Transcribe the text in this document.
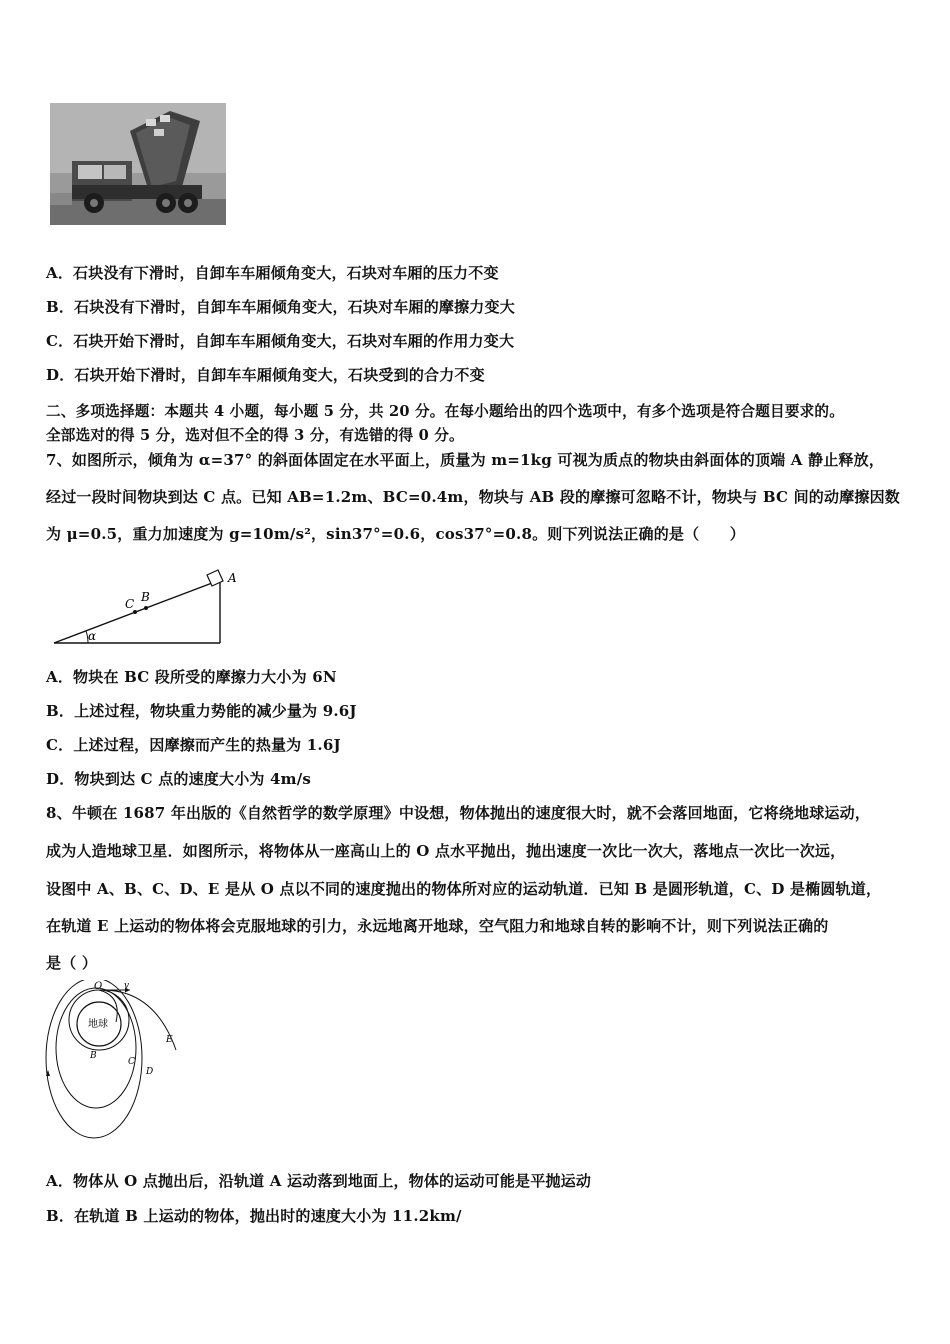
A．石块没有下滑时，自卸车车厢倾角变大，石块对车厢的压力不变
B．石块没有下滑时，自卸车车厢倾角变大，石块对车厢的摩擦力变大
C．石块开始下滑时，自卸车车厢倾角变大，石块对车厢的作用力变大
D．石块开始下滑时，自卸车车厢倾角变大，石块受到的合力不变
二、多项选择题：本题共 4 小题，每小题 5 分，共 20 分。在每小题给出的四个选项中，有多个选项是符合题目要求的。
全部选对的得 5 分，选对但不全的得 3 分，有选错的得 0 分。
7、如图所示，倾角为 α=37° 的斜面体固定在水平面上，质量为 m=1kg 可视为质点的物块由斜面体的顶端 A 静止释放，
经过一段时间物块到达 C 点。已知 AB=1.2m、BC=0.4m，物块与 AB 段的摩擦可忽略不计，物块与 BC 间的动摩擦因数
为 μ=0.5，重力加速度为 g=10m/s²，sin37°=0.6，cos37°=0.8。则下列说法正确的是（　　）
A
B
C
α
A．物块在 BC 段所受的摩擦力大小为 6N
B．上述过程，物块重力势能的减少量为 9.6J
C．上述过程，因摩擦而产生的热量为 1.6J
D．物块到达 C 点的速度大小为 4m/s
8、牛顿在 1687 年出版的《自然哲学的数学原理》中设想，物体抛出的速度很大时，就不会落回地面，它将绕地球运动，
成为人造地球卫星．如图所示，将物体从一座高山上的 O 点水平抛出，抛出速度一次比一次大，落地点一次比一次远，
设图中 A、B、C、D、E 是从 O 点以不同的速度抛出的物体所对应的运动轨道．已知 B 是圆形轨道，C、D 是椭圆轨道，
在轨道 E 上运动的物体将会克服地球的引力，永远地离开地球，空气阻力和地球自转的影响不计，则下列说法正确的
是（ ）
O v
地球
B
C
D
E
A．物体从 O 点抛出后，沿轨道 A 运动落到地面上，物体的运动可能是平抛运动
B．在轨道 B 上运动的物体，抛出时的速度大小为 11.2km/
